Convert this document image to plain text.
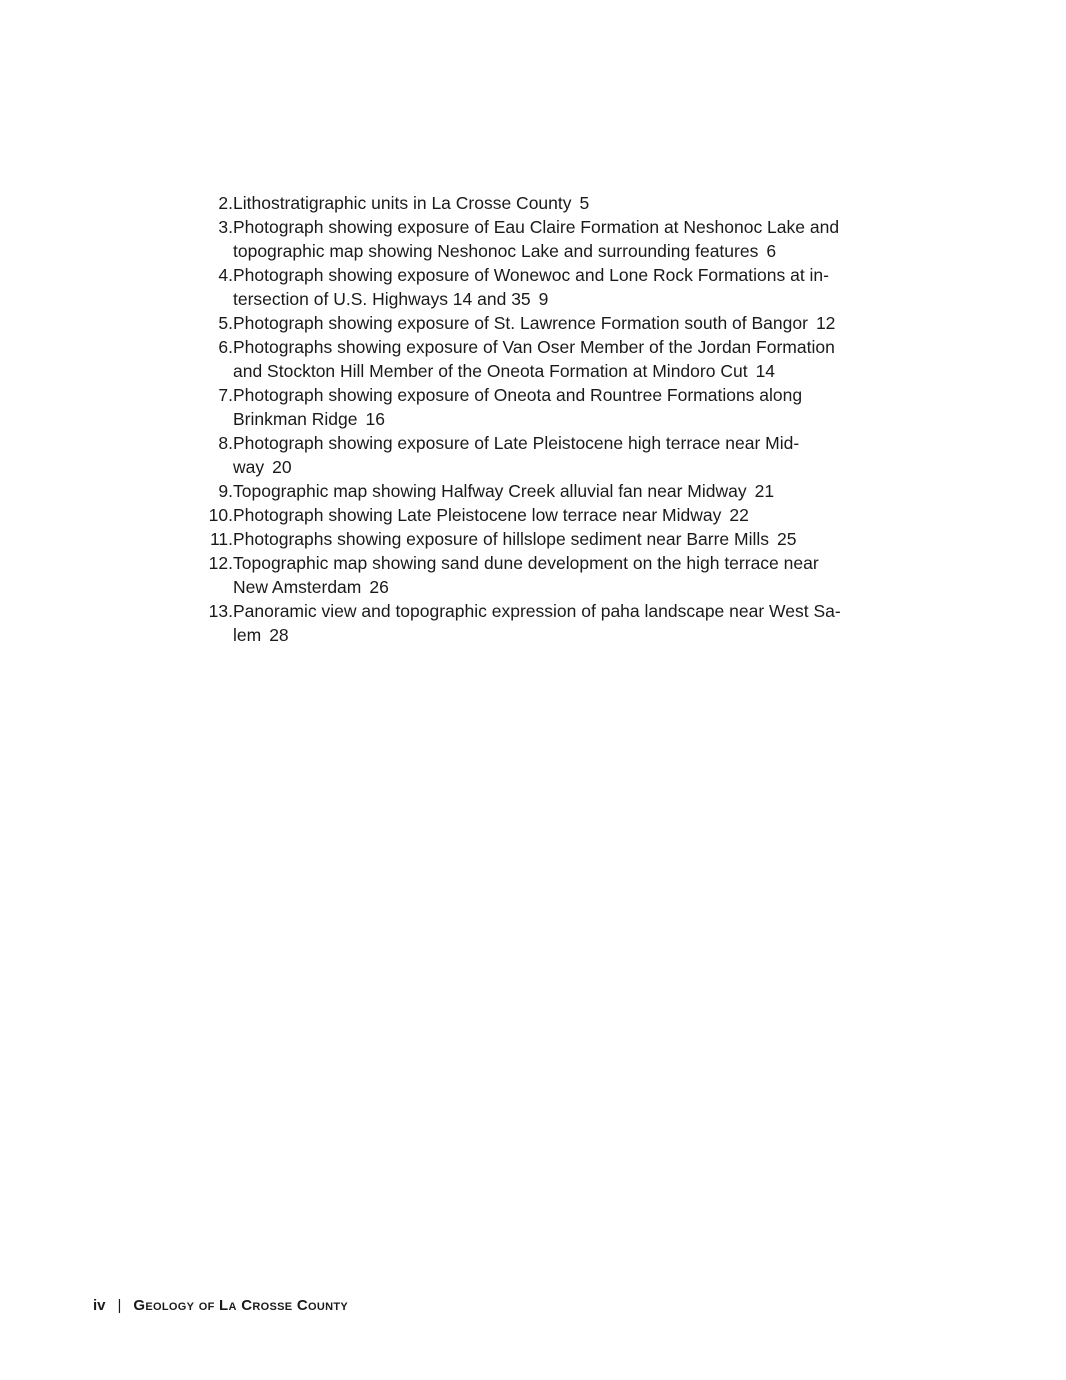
2. Lithostratigraphic units in La Crosse County 5
3. Photograph showing exposure of Eau Claire Formation at Neshonoc Lake and topographic map showing Neshonoc Lake and surrounding features 6
4. Photograph showing exposure of Wonewoc and Lone Rock Formations at in-tersection of U.S. Highways 14 and 35 9
5. Photograph showing exposure of St. Lawrence Formation south of Bangor 12
6. Photographs showing exposure of Van Oser Member of the Jordan Formation and Stockton Hill Member of the Oneota Formation at Mindoro Cut 14
7. Photograph showing exposure of Oneota and Rountree Formations along Brinkman Ridge 16
8. Photograph showing exposure of Late Pleistocene high terrace near Mid-way 20
9. Topographic map showing Halfway Creek alluvial fan near Midway 21
10. Photograph showing Late Pleistocene low terrace near Midway 22
11. Photographs showing exposure of hillslope sediment near Barre Mills 25
12. Topographic map showing sand dune development on the high terrace near New Amsterdam 26
13. Panoramic view and topographic expression of paha landscape near West Sa-lem 28
iv | Geology of La Crosse County
